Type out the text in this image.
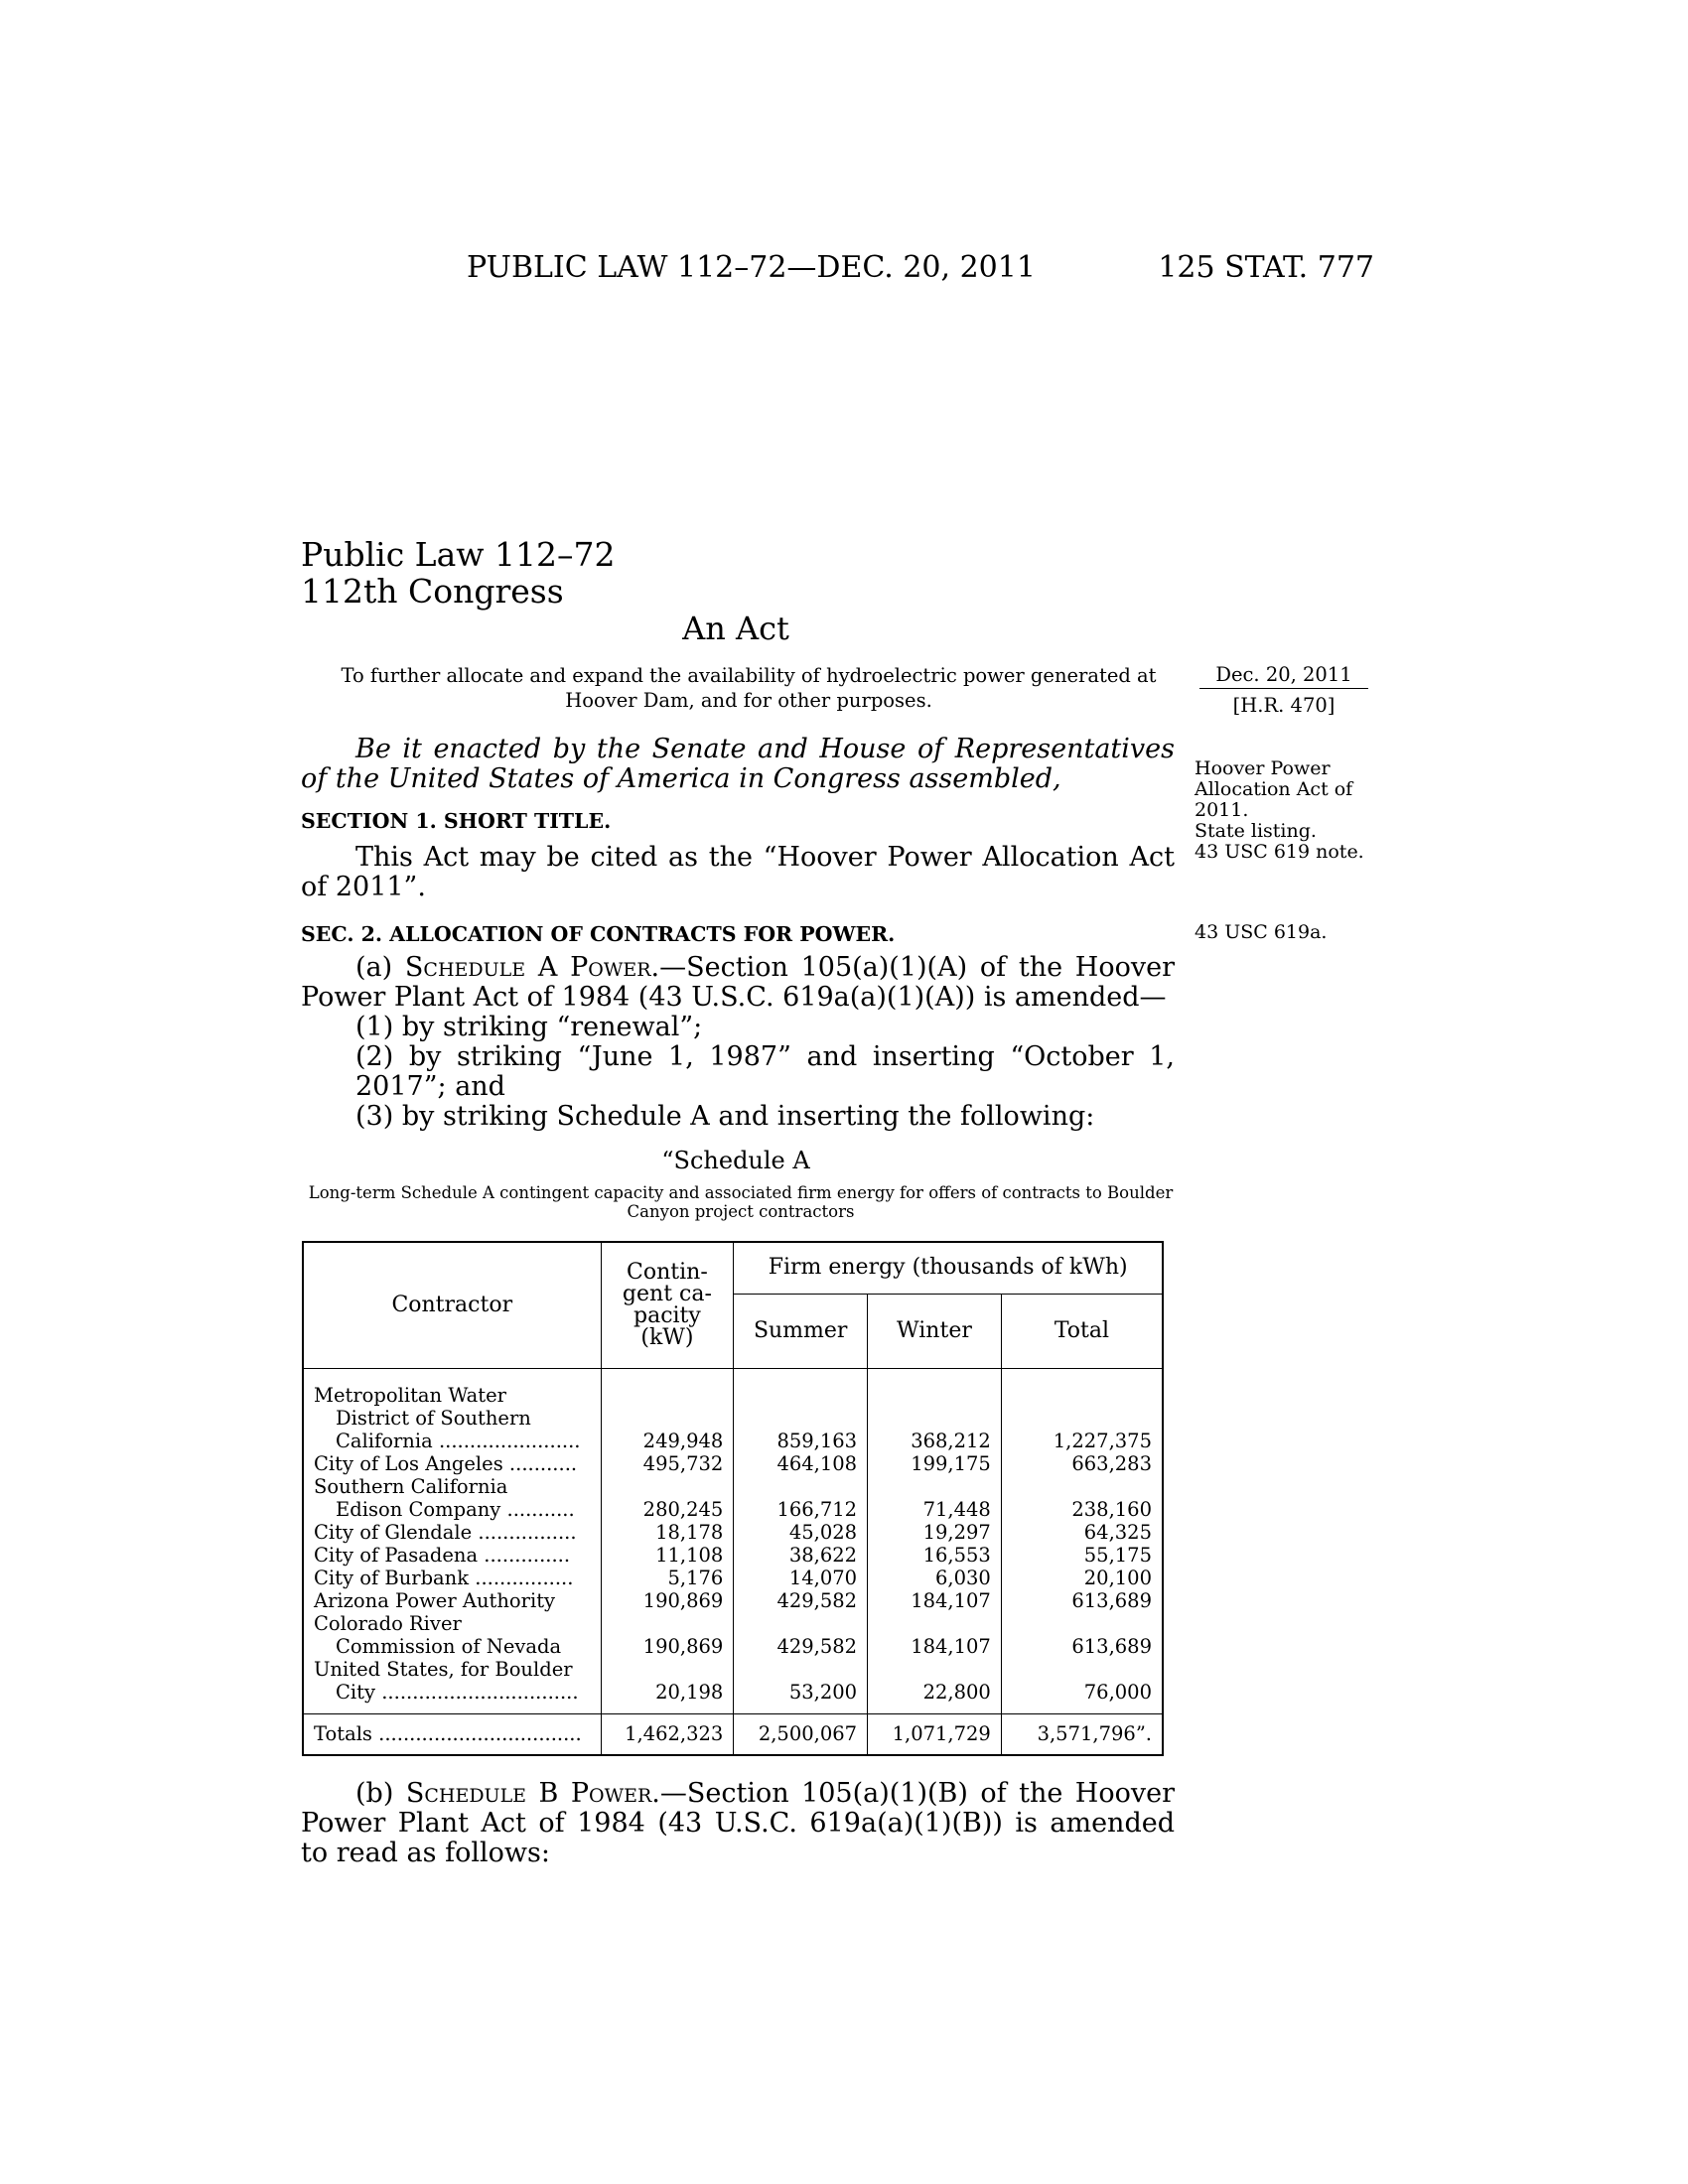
PUBLIC LAW 112–72—DEC. 20, 2011	125 STAT. 777
Public Law 112–72
112th Congress
An Act
To further allocate and expand the availability of hydroelectric power generated at Hoover Dam, and for other purposes.
Dec. 20, 2011
[H.R. 470]
Hoover Power Allocation Act of 2011.
State listing.
43 USC 619 note.
43 USC 619a.
Be it enacted by the Senate and House of Representatives of the United States of America in Congress assembled,
SECTION 1. SHORT TITLE.
This Act may be cited as the “Hoover Power Allocation Act of 2011”.
SEC. 2. ALLOCATION OF CONTRACTS FOR POWER.
(a) Schedule A Power.—Section 105(a)(1)(A) of the Hoover Power Plant Act of 1984 (43 U.S.C. 619a(a)(1)(A)) is amended—
(1) by striking “renewal”;
(2) by striking “June 1, 1987” and inserting “October 1, 2017”; and
(3) by striking Schedule A and inserting the following:
“Schedule A
Long-term Schedule A contingent capacity and associated firm energy for offers of contracts to Boulder Canyon project contractors
Contractor	Contin-
gent ca-
pacity
(kW)	Firm energy (thousands of kWh)		
		Summer	Winter	Total

Metropolitan Water
District of Southern
California .......................	249,948	859,163	368,212	1,227,375
City of Los Angeles ...........	495,732	464,108	199,175	663,283
Southern California
Edison Company ...........	280,245	166,712	71,448	238,160
City of Glendale ................	18,178	45,028	19,297	64,325
City of Pasadena ..............	11,108	38,622	16,553	55,175
City of Burbank ................	5,176	14,070	6,030	20,100
Arizona Power Authority	190,869	429,582	184,107	613,689
Colorado River
Commission of Nevada	190,869	429,582	184,107	613,689
United States, for Boulder
City ................................	20,198	53,200	22,800	76,000

Totals .................................	1,462,323	2,500,067	1,071,729	3,571,796”.
(b) Schedule B Power.—Section 105(a)(1)(B) of the Hoover Power Plant Act of 1984 (43 U.S.C. 619a(a)(1)(B)) is amended to read as follows:
